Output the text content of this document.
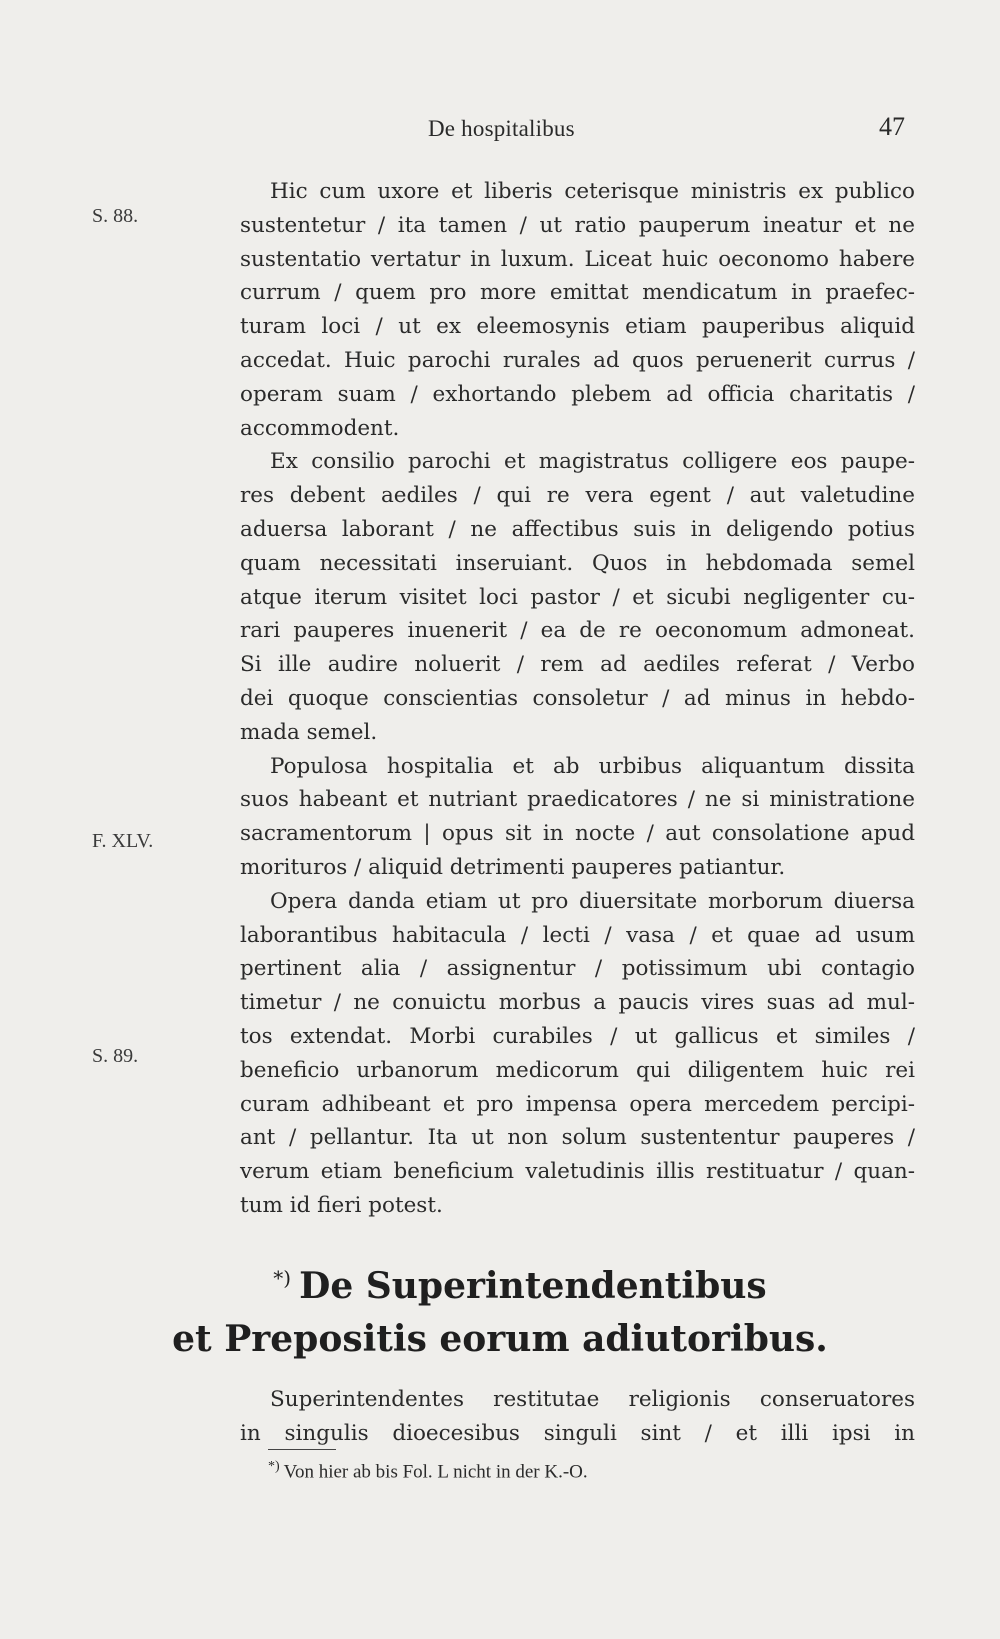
De hospitalibus	47
S. 88.
F. XLV.
S. 89.
Hic cum uxore et liberis ceterisque ministris ex publico
sustentetur / ita tamen / ut ratio pauperum ineatur et ne
sustentatio vertatur in luxum. Liceat huic oeconomo habere
currum / quem pro more emittat mendicatum in praefec-
turam loci / ut ex eleemosynis etiam pauperibus aliquid
accedat. Huic parochi rurales ad quos peruenerit currus /
operam suam / exhortando plebem ad officia charitatis /
accommodent.
Ex consilio parochi et magistratus colligere eos paupe-
res debent aediles / qui re vera egent / aut valetudine
aduersa laborant / ne affectibus suis in deligendo potius
quam necessitati inseruiant. Quos in hebdomada semel
atque iterum visitet loci pastor / et sicubi negligenter cu-
rari pauperes inuenerit / ea de re oeconomum admoneat.
Si ille audire noluerit / rem ad aediles referat / Verbo
dei quoque conscientias consoletur / ad minus in hebdo-
mada semel.
Populosa hospitalia et ab urbibus aliquantum dissita
suos habeant et nutriant praedicatores / ne si ministratione
sacramentorum | opus sit in nocte / aut consolatione apud
morituros / aliquid detrimenti pauperes patiantur.
Opera danda etiam ut pro diuersitate morborum diuersa
laborantibus habitacula / lecti / vasa / et quae ad usum
pertinent alia / assignentur / potissimum ubi contagio
timetur / ne conuictu morbus a paucis vires suas ad mul-
tos extendat. Morbi curabiles / ut gallicus et similes /
beneficio urbanorum medicorum qui diligentem huic rei
curam adhibeant et pro impensa opera mercedem percipi-
ant / pellantur. Ita ut non solum sustententur pauperes /
verum etiam beneficium valetudinis illis restituatur / quan-
tum id fieri potest.
*) De Superintendentibus
et Prepositis eorum adiutoribus.
Superintendentes restitutae religionis conseruatores
in singulis dioecesibus singuli sint / et illi ipsi in
*) Von hier ab bis Fol. L nicht in der K.-O.
